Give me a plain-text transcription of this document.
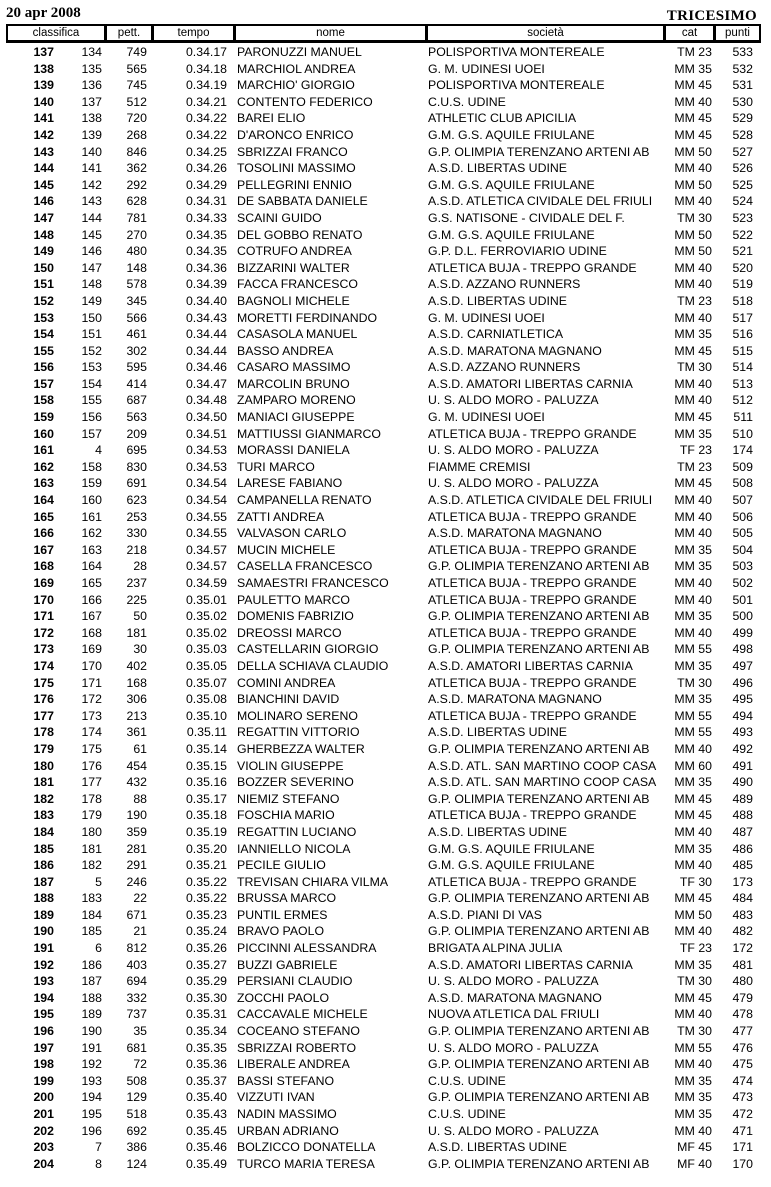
20 apr 2008	TRICESIMO
classifica	pett.	tempo	nome	società	cat	punti
137	134	749	0.34.17 PARONUZZI MANUEL	POLISPORTIVA MONTEREALE	TM 23	533
138	135	565	0.34.18 MARCHIOL ANDREA	G. M. UDINESI UOEI	MM 35	532
139	136	745	0.34.19 MARCHIO' GIORGIO	POLISPORTIVA MONTEREALE	MM 45	531
140	137	512	0.34.21 CONTENTO FEDERICO	C.U.S. UDINE	MM 40	530
141	138	720	0.34.22 BAREI ELIO	ATHLETIC CLUB APICILIA	MM 45	529
142	139	268	0.34.22 D'ARONCO ENRICO	G.M. G.S. AQUILE FRIULANE	MM 45	528
143	140	846	0.34.25 SBRIZZAI FRANCO	G.P. OLIMPIA TERENZANO ARTENI AB	MM 50	527
144	141	362	0.34.26 TOSOLINI MASSIMO	A.S.D. LIBERTAS UDINE	MM 40	526
145	142	292	0.34.29 PELLEGRINI ENNIO	G.M. G.S. AQUILE FRIULANE	MM 50	525
146	143	628	0.34.31 DE SABBATA DANIELE	A.S.D. ATLETICA CIVIDALE DEL FRIULI	MM 40	524
147	144	781	0.34.33 SCAINI GUIDO	G.S. NATISONE - CIVIDALE DEL F.	TM 30	523
148	145	270	0.34.35 DEL GOBBO RENATO	G.M. G.S. AQUILE FRIULANE	MM 50	522
149	146	480	0.34.35 COTRUFO ANDREA	G.P. D.L. FERROVIARIO UDINE	MM 50	521
150	147	148	0.34.36 BIZZARINI WALTER	ATLETICA BUJA - TREPPO GRANDE	MM 40	520
151	148	578	0.34.39 FACCA FRANCESCO	A.S.D. AZZANO RUNNERS	MM 40	519
152	149	345	0.34.40 BAGNOLI MICHELE	A.S.D. LIBERTAS UDINE	TM 23	518
153	150	566	0.34.43 MORETTI FERDINANDO	G. M. UDINESI UOEI	MM 40	517
154	151	461	0.34.44 CASASOLA MANUEL	A.S.D. CARNIATLETICA	MM 35	516
155	152	302	0.34.44 BASSO ANDREA	A.S.D. MARATONA MAGNANO	MM 45	515
156	153	595	0.34.46 CASARO MASSIMO	A.S.D. AZZANO RUNNERS	TM 30	514
157	154	414	0.34.47 MARCOLIN BRUNO	A.S.D. AMATORI LIBERTAS CARNIA	MM 40	513
158	155	687	0.34.48 ZAMPARO MORENO	U. S. ALDO MORO - PALUZZA	MM 40	512
159	156	563	0.34.50 MANIACI GIUSEPPE	G. M. UDINESI UOEI	MM 45	511
160	157	209	0.34.51 MATTIUSSI GIANMARCO	ATLETICA BUJA - TREPPO GRANDE	MM 35	510
161	4	695	0.34.53 MORASSI DANIELA	U. S. ALDO MORO - PALUZZA	TF 23	174
162	158	830	0.34.53 TURI MARCO	FIAMME CREMISI	TM 23	509
163	159	691	0.34.54 LARESE FABIANO	U. S. ALDO MORO - PALUZZA	MM 45	508
164	160	623	0.34.54 CAMPANELLA RENATO	A.S.D. ATLETICA CIVIDALE DEL FRIULI	MM 40	507
165	161	253	0.34.55 ZATTI ANDREA	ATLETICA BUJA - TREPPO GRANDE	MM 40	506
166	162	330	0.34.55 VALVASON CARLO	A.S.D. MARATONA MAGNANO	MM 40	505
167	163	218	0.34.57 MUCIN MICHELE	ATLETICA BUJA - TREPPO GRANDE	MM 35	504
168	164	28	0.34.57 CASELLA FRANCESCO	G.P. OLIMPIA TERENZANO ARTENI AB	MM 35	503
169	165	237	0.34.59 SAMAESTRI FRANCESCO	ATLETICA BUJA - TREPPO GRANDE	MM 40	502
170	166	225	0.35.01 PAULETTO MARCO	ATLETICA BUJA - TREPPO GRANDE	MM 40	501
171	167	50	0.35.02 DOMENIS FABRIZIO	G.P. OLIMPIA TERENZANO ARTENI AB	MM 35	500
172	168	181	0.35.02 DREOSSI MARCO	ATLETICA BUJA - TREPPO GRANDE	MM 40	499
173	169	30	0.35.03 CASTELLARIN GIORGIO	G.P. OLIMPIA TERENZANO ARTENI AB	MM 55	498
174	170	402	0.35.05 DELLA SCHIAVA CLAUDIO	A.S.D. AMATORI LIBERTAS CARNIA	MM 35	497
175	171	168	0.35.07 COMINI ANDREA	ATLETICA BUJA - TREPPO GRANDE	TM 30	496
176	172	306	0.35.08 BIANCHINI DAVID	A.S.D. MARATONA MAGNANO	MM 35	495
177	173	213	0.35.10 MOLINARO SERENO	ATLETICA BUJA - TREPPO GRANDE	MM 55	494
178	174	361	0.35.11 REGATTIN VITTORIO	A.S.D. LIBERTAS UDINE	MM 55	493
179	175	61	0.35.14 GHERBEZZA WALTER	G.P. OLIMPIA TERENZANO ARTENI AB	MM 40	492
180	176	454	0.35.15 VIOLIN GIUSEPPE	A.S.D. ATL. SAN MARTINO COOP CASA	MM 60	491
181	177	432	0.35.16 BOZZER SEVERINO	A.S.D. ATL. SAN MARTINO COOP CASA	MM 35	490
182	178	88	0.35.17 NIEMIZ STEFANO	G.P. OLIMPIA TERENZANO ARTENI AB	MM 45	489
183	179	190	0.35.18 FOSCHIA MARIO	ATLETICA BUJA - TREPPO GRANDE	MM 45	488
184	180	359	0.35.19 REGATTIN LUCIANO	A.S.D. LIBERTAS UDINE	MM 40	487
185	181	281	0.35.20 IANNIELLO NICOLA	G.M. G.S. AQUILE FRIULANE	MM 35	486
186	182	291	0.35.21 PECILE GIULIO	G.M. G.S. AQUILE FRIULANE	MM 40	485
187	5	246	0.35.22 TREVISAN CHIARA VILMA	ATLETICA BUJA - TREPPO GRANDE	TF 30	173
188	183	22	0.35.22 BRUSSA MARCO	G.P. OLIMPIA TERENZANO ARTENI AB	MM 45	484
189	184	671	0.35.23 PUNTIL ERMES	A.S.D. PIANI DI VAS	MM 50	483
190	185	21	0.35.24 BRAVO PAOLO	G.P. OLIMPIA TERENZANO ARTENI AB	MM 40	482
191	6	812	0.35.26 PICCINNI ALESSANDRA	BRIGATA ALPINA JULIA	TF 23	172
192	186	403	0.35.27 BUZZI GABRIELE	A.S.D. AMATORI LIBERTAS CARNIA	MM 35	481
193	187	694	0.35.29 PERSIANI CLAUDIO	U. S. ALDO MORO - PALUZZA	TM 30	480
194	188	332	0.35.30 ZOCCHI PAOLO	A.S.D. MARATONA MAGNANO	MM 45	479
195	189	737	0.35.31 CACCAVALE MICHELE	NUOVA ATLETICA DAL FRIULI	MM 40	478
196	190	35	0.35.34 COCEANO STEFANO	G.P. OLIMPIA TERENZANO ARTENI AB	TM 30	477
197	191	681	0.35.35 SBRIZZAI ROBERTO	U. S. ALDO MORO - PALUZZA	MM 55	476
198	192	72	0.35.36 LIBERALE ANDREA	G.P. OLIMPIA TERENZANO ARTENI AB	MM 40	475
199	193	508	0.35.37 BASSI STEFANO	C.U.S. UDINE	MM 35	474
200	194	129	0.35.40 VIZZUTI IVAN	G.P. OLIMPIA TERENZANO ARTENI AB	MM 35	473
201	195	518	0.35.43 NADIN MASSIMO	C.U.S. UDINE	MM 35	472
202	196	692	0.35.45 URBAN ADRIANO	U. S. ALDO MORO - PALUZZA	MM 40	471
203	7	386	0.35.46 BOLZICCO DONATELLA	A.S.D. LIBERTAS UDINE	MF 45	171
204	8	124	0.35.49 TURCO MARIA TERESA	G.P. OLIMPIA TERENZANO ARTENI AB	MF 40	170
